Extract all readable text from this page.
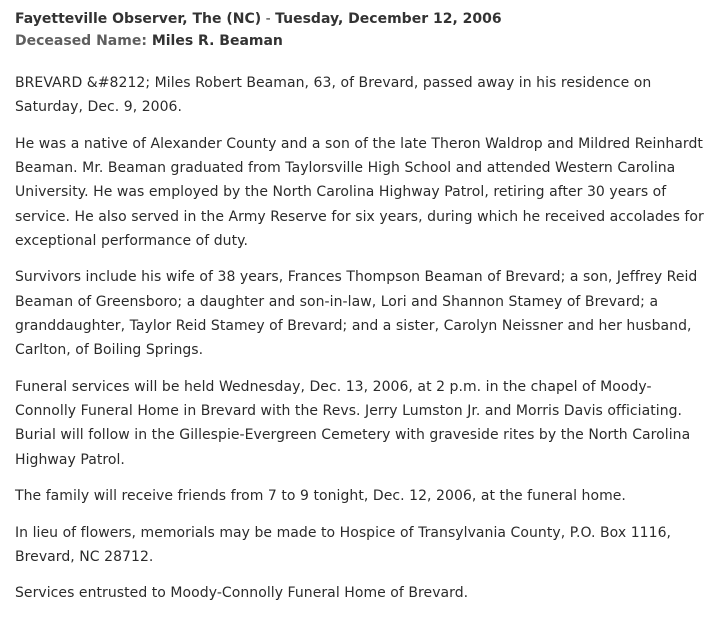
Fayetteville Observer, The (NC) - Tuesday, December 12, 2006
Deceased Name: Miles R. Beaman

BREVARD &#8212; Miles Robert Beaman, 63, of Brevard, passed away in his residence on
Saturday, Dec. 9, 2006.

He was a native of Alexander County and a son of the late Theron Waldrop and Mildred Reinhardt
Beaman. Mr. Beaman graduated from Taylorsville High School and attended Western Carolina
University. He was employed by the North Carolina Highway Patrol, retiring after 30 years of
service. He also served in the Army Reserve for six years, during which he received accolades for
exceptional performance of duty.

Survivors include his wife of 38 years, Frances Thompson Beaman of Brevard; a son, Jeffrey Reid
Beaman of Greensboro; a daughter and son-in-law, Lori and Shannon Stamey of Brevard; a
granddaughter, Taylor Reid Stamey of Brevard; and a sister, Carolyn Neissner and her husband,
Carlton, of Boiling Springs.

Funeral services will be held Wednesday, Dec. 13, 2006, at 2 p.m. in the chapel of Moody-
Connolly Funeral Home in Brevard with the Revs. Jerry Lumston Jr. and Morris Davis officiating.
Burial will follow in the Gillespie-Evergreen Cemetery with graveside rites by the North Carolina
Highway Patrol.

The family will receive friends from 7 to 9 tonight, Dec. 12, 2006, at the funeral home.

In lieu of flowers, memorials may be made to Hospice of Transylvania County, P.O. Box 1116,
Brevard, NC 28712.

Services entrusted to Moody-Connolly Funeral Home of Brevard.
